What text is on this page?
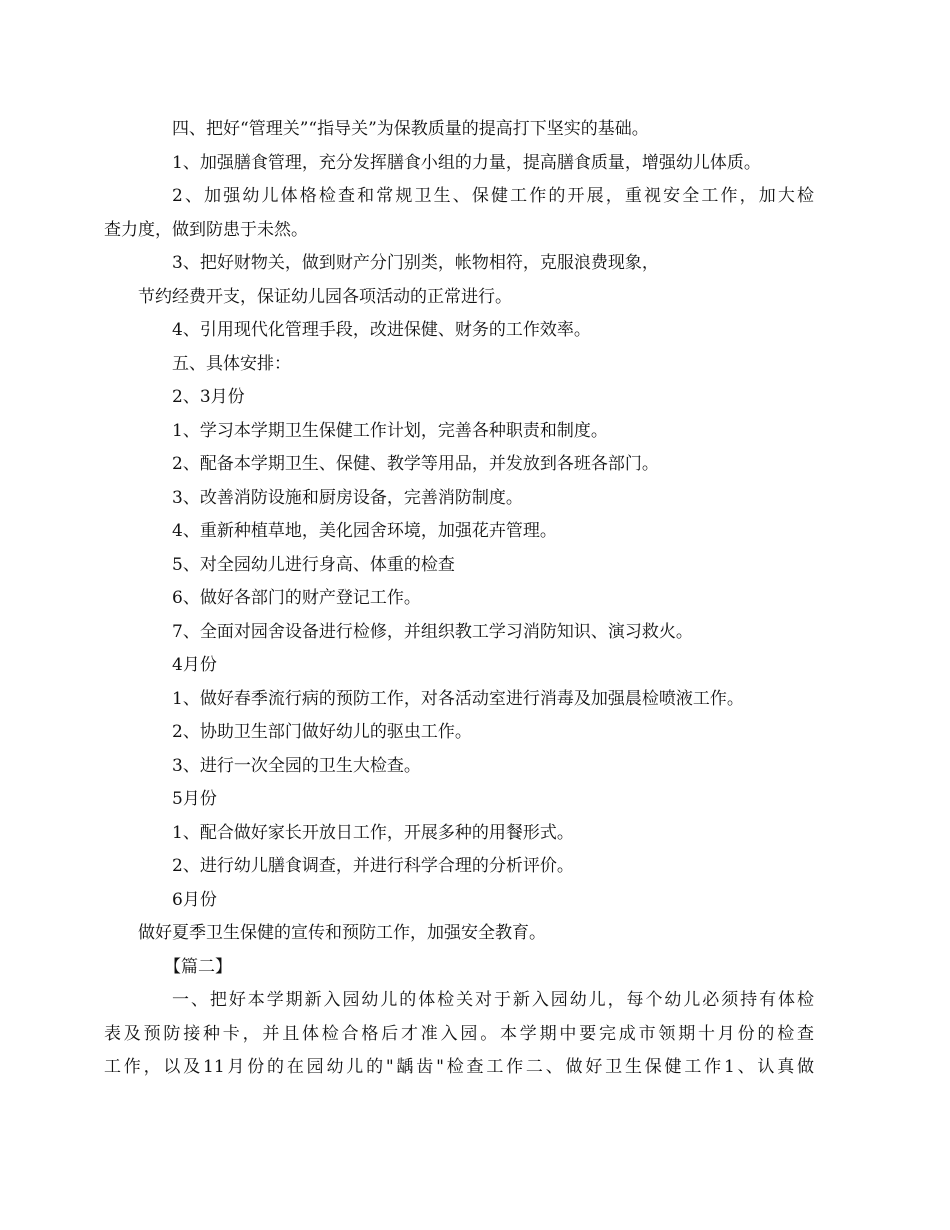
四、把好“管理关”“指导关”为保教质量的提高打下坚实的基础。

1、加强膳食管理，充分发挥膳食小组的力量，提高膳食质量，增强幼儿体质。

2、加强幼儿体格检查和常规卫生、保健工作的开展，重视安全工作，加大检
查力度，做到防患于未然。

3、把好财物关，做到财产分门别类，帐物相符，克服浪费现象，

节约经费开支，保证幼儿园各项活动的正常进行。

4、引用现代化管理手段，改进保健、财务的工作效率。

五、具体安排：

2、3月份

1、学习本学期卫生保健工作计划，完善各种职责和制度。

2、配备本学期卫生、保健、教学等用品，并发放到各班各部门。

3、改善消防设施和厨房设备，完善消防制度。

4、重新种植草地，美化园舍环境，加强花卉管理。

5、对全园幼儿进行身高、体重的检查

6、做好各部门的财产登记工作。

7、全面对园舍设备进行检修，并组织教工学习消防知识、演习救火。

4月份

1、做好春季流行病的预防工作，对各活动室进行消毒及加强晨检喷液工作。

2、协助卫生部门做好幼儿的驱虫工作。

3、进行一次全园的卫生大检查。

5月份

1、配合做好家长开放日工作，开展多种的用餐形式。

2、进行幼儿膳食调查，并进行科学合理的分析评价。

6月份

做好夏季卫生保健的宣传和预防工作，加强安全教育。

【篇二】

一、把好本学期新入园幼儿的体检关对于新入园幼儿，每个幼儿必须持有体检
表及预防接种卡，并且体检合格后才准入园。本学期中要完成市领期十月份的检查
工作，以及11月份的在园幼儿的"龋齿"检查工作二、做好卫生保健工作1、认真做
